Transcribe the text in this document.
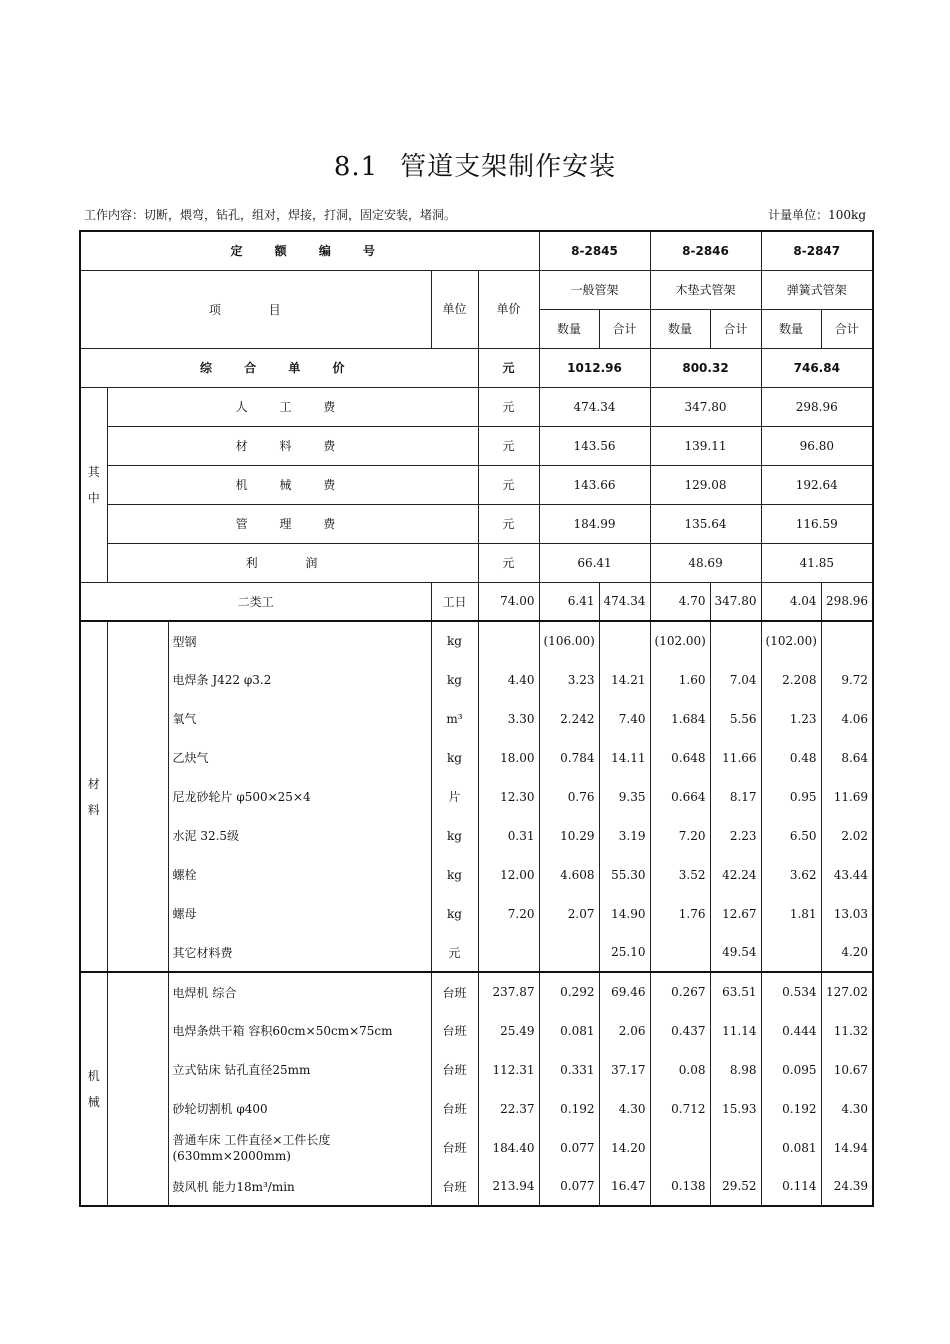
8.1 管道支架制作安装
工作内容：切断，煨弯，钻孔，组对，焊接，打洞，固定安装，堵洞。	计量单位：100kg
定 额 编 号					8-2845		8-2846		8-2847	
项 目			单位	单价	一般管架		木垫式管架		弹簧式管架	
					数量	合计	数量	合计	数量	合计
综 合 单 价				元	1012.96		800.32		746.84	
其
中	人 工 费			元	474.34		347.80		298.96	
	材 料 费			元	143.56		139.11		96.80	
	机 械 费			元	143.66		129.08		192.64	
	管 理 费			元	184.99		135.64		116.59	
	利 润			元	66.41		48.69		41.85	
二类工			工日	74.00	6.41	474.34	4.70	347.80	4.04	298.96
材
料		型钢	kg		(106.00)		(102.00)		(102.00)	
		电焊条 J422 φ3.2	kg	4.40	3.23	14.21	1.60	7.04	2.208	9.72
		氧气	m³	3.30	2.242	7.40	1.684	5.56	1.23	4.06
		乙炔气	kg	18.00	0.784	14.11	0.648	11.66	0.48	8.64
		尼龙砂轮片 φ500×25×4	片	12.30	0.76	9.35	0.664	8.17	0.95	11.69
		水泥 32.5级	kg	0.31	10.29	3.19	7.20	2.23	6.50	2.02
		螺栓	kg	12.00	4.608	55.30	3.52	42.24	3.62	43.44
		螺母	kg	7.20	2.07	14.90	1.76	12.67	1.81	13.03
		其它材料费	元			25.10		49.54		4.20
机
械		电焊机 综合	台班	237.87	0.292	69.46	0.267	63.51	0.534	127.02
		电焊条烘干箱 容积60cm×50cm×75cm	台班	25.49	0.081	2.06	0.437	11.14	0.444	11.32
		立式钻床 钻孔直径25mm	台班	112.31	0.331	37.17	0.08	8.98	0.095	10.67
		砂轮切割机 φ400	台班	22.37	0.192	4.30	0.712	15.93	0.192	4.30
		普通车床 工件直径×工件长度(630mm×2000mm)	台班	184.40	0.077	14.20			0.081	14.94
		鼓风机 能力18m³/min	台班	213.94	0.077	16.47	0.138	29.52	0.114	24.39
